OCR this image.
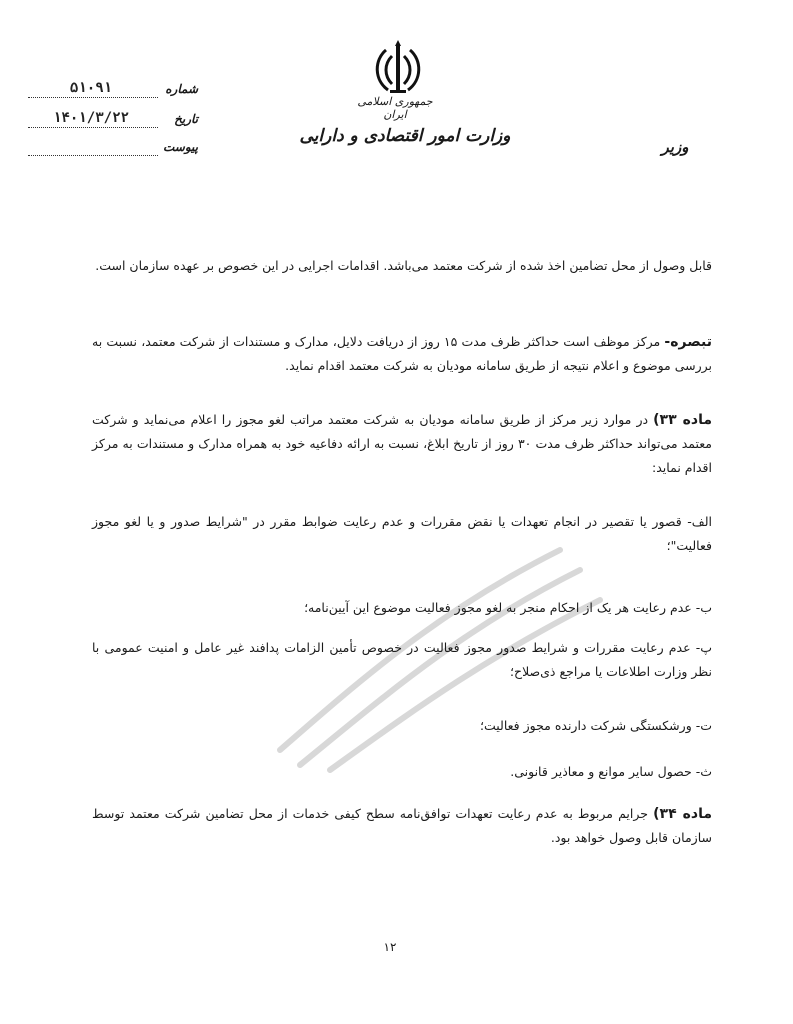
جمهوری اسلامی ایران
وزارت امور اقتصادی و دارایی
وزیر
شماره
۵۱۰۹۱
تاریخ
۱۴۰۱/۳/۲۲
پیوست
قابل وصول از محل تضامین اخذ شده از شرکت معتمد می‌باشد. اقدامات اجرایی در این خصوص بر عهده سازمان است.
تبصره- مرکز موظف است حداکثر ظرف مدت ۱۵ روز از دریافت دلایل، مدارک و مستندات از شرکت معتمد، نسبت به بررسی موضوع و اعلام نتیجه از طریق سامانه مودیان به شرکت معتمد اقدام نماید.
ماده ۳۳) در موارد زیر مرکز از طریق سامانه مودیان به شرکت معتمد مراتب لغو مجوز را اعلام می‌نماید و شرکت معتمد می‌تواند حداکثر ظرف مدت ۳۰ روز از تاریخ ابلاغ، نسبت به ارائه دفاعیه خود به همراه مدارک و مستندات به مرکز اقدام نماید:
الف- قصور یا تقصیر در انجام تعهدات یا نقض مقررات و عدم رعایت ضوابط مقرر در "شرایط صدور و یا لغو مجوز فعالیت"؛
ب- عدم رعایت هر یک از احکام منجر به لغو مجوز فعالیت موضوع این آیین‌نامه؛
پ- عدم رعایت مقررات و شرایط صدور مجوز فعالیت در خصوص تأمین الزامات پدافند غیر عامل و امنیت عمومی با نظر وزارت اطلاعات یا مراجع ذی‌صلاح؛
ت- ورشکستگی شرکت دارنده مجوز فعالیت؛
ث- حصول سایر موانع و معاذیر قانونی.
ماده ۳۴) جرایم مربوط به عدم رعایت تعهدات توافق‌نامه سطح کیفی خدمات از محل تضامین شرکت معتمد توسط سازمان قابل وصول خواهد بود.
۱۲
